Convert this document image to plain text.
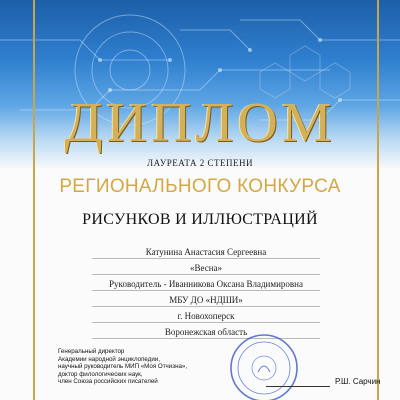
ДИПЛОМ
ЛАУРЕАТА 2 СТЕПЕНИ
РЕГИОНАЛЬНОГО КОНКУРСА
РИСУНКОВ И ИЛЛЮСТРАЦИЙ
Катунина Анастасия Сергеевна
«Весна»
Руководитель - Иванникова Оксана Владимировна
МБУ ДО «НДШИ»
г. Новохоперск
Воронежская область
Генеральный директор
Академии народной энциклопедии,
научный руководитель МИП «Моя Отчизна»,
доктор филологических наук,
член Союза российских писателей	Р.Ш. Сарчин
